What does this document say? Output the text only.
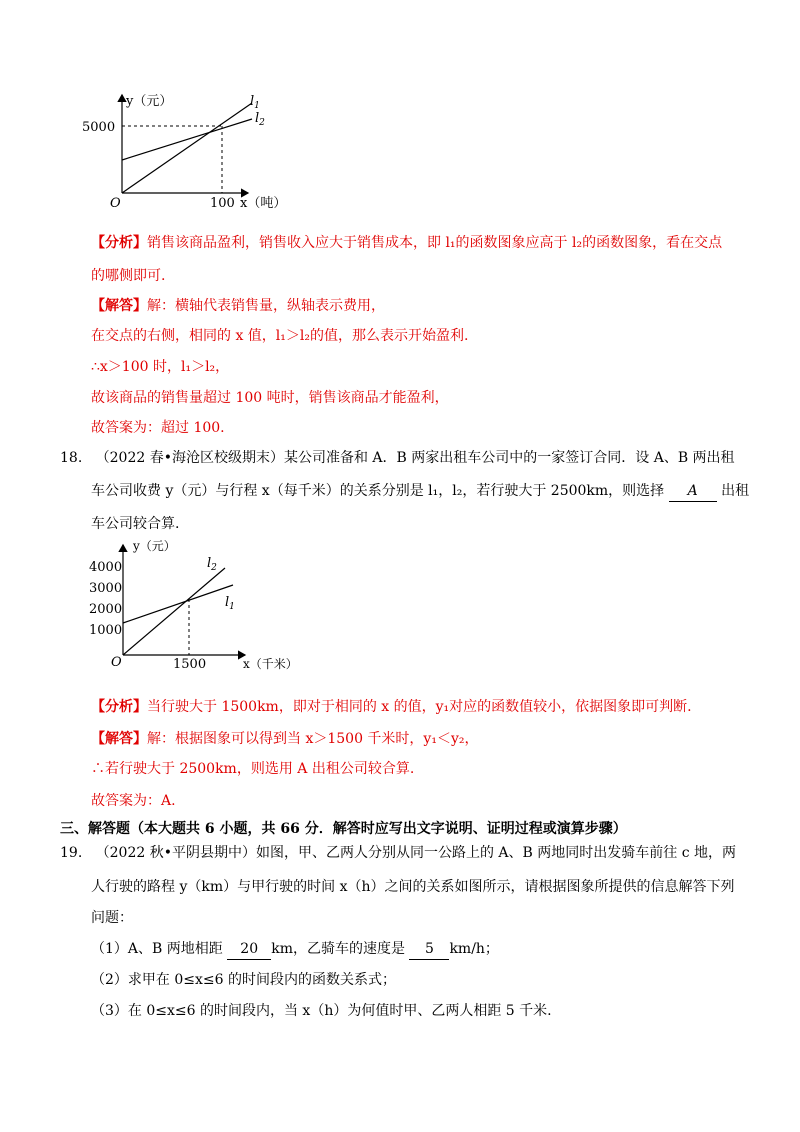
y（元）
5000
O	100 x（吨）
$l_1$
$l_2$
【分析】销售该商品盈利，销售收入应大于销售成本，即 l₁的函数图象应高于 l₂的函数图象，看在交点
的哪侧即可.
【解答】解：横轴代表销售量，纵轴表示费用，
在交点的右侧，相同的 x 值，l₁＞l₂的值，那么表示开始盈利.
∴x＞100 时，l₁＞l₂，
故该商品的销售量超过 100 吨时，销售该商品才能盈利，
故答案为：超过 100.
18. （2022 春•海沧区校级期末）某公司准备和 A．B 两家出租车公司中的一家签订合同．设 A、B 两出租
车公司收费 y（元）与行程 x（每千米）的关系分别是 l₁，l₂，若行驶大于 2500km，则选择 A 出租
车公司较合算.
y（元）
4000
3000
2000
1000
O	1500	x（千米）
$l_2$
$l_1$
【分析】当行驶大于 1500km，即对于相同的 x 的值，y₁对应的函数值较小，依据图象即可判断.
【解答】解：根据图象可以得到当 x＞1500 千米时，y₁＜y₂，
∴若行驶大于 2500km，则选用 A 出租公司较合算.
故答案为：A.
三、解答题（本大题共 6 小题，共 66 分．解答时应写出文字说明、证明过程或演算步骤）
19. （2022 秋•平阴县期中）如图，甲、乙两人分别从同一公路上的 A、B 两地同时出发骑车前往 c 地，两
人行驶的路程 y（km）与甲行驶的时间 x（h）之间的关系如图所示，请根据图象所提供的信息解答下列
问题：
（1）A、B 两地相距 20 km，乙骑车的速度是 5 km/h；
（2）求甲在 0≤x≤6 的时间段内的函数关系式；
（3）在 0≤x≤6 的时间段内，当 x（h）为何值时甲、乙两人相距 5 千米.
